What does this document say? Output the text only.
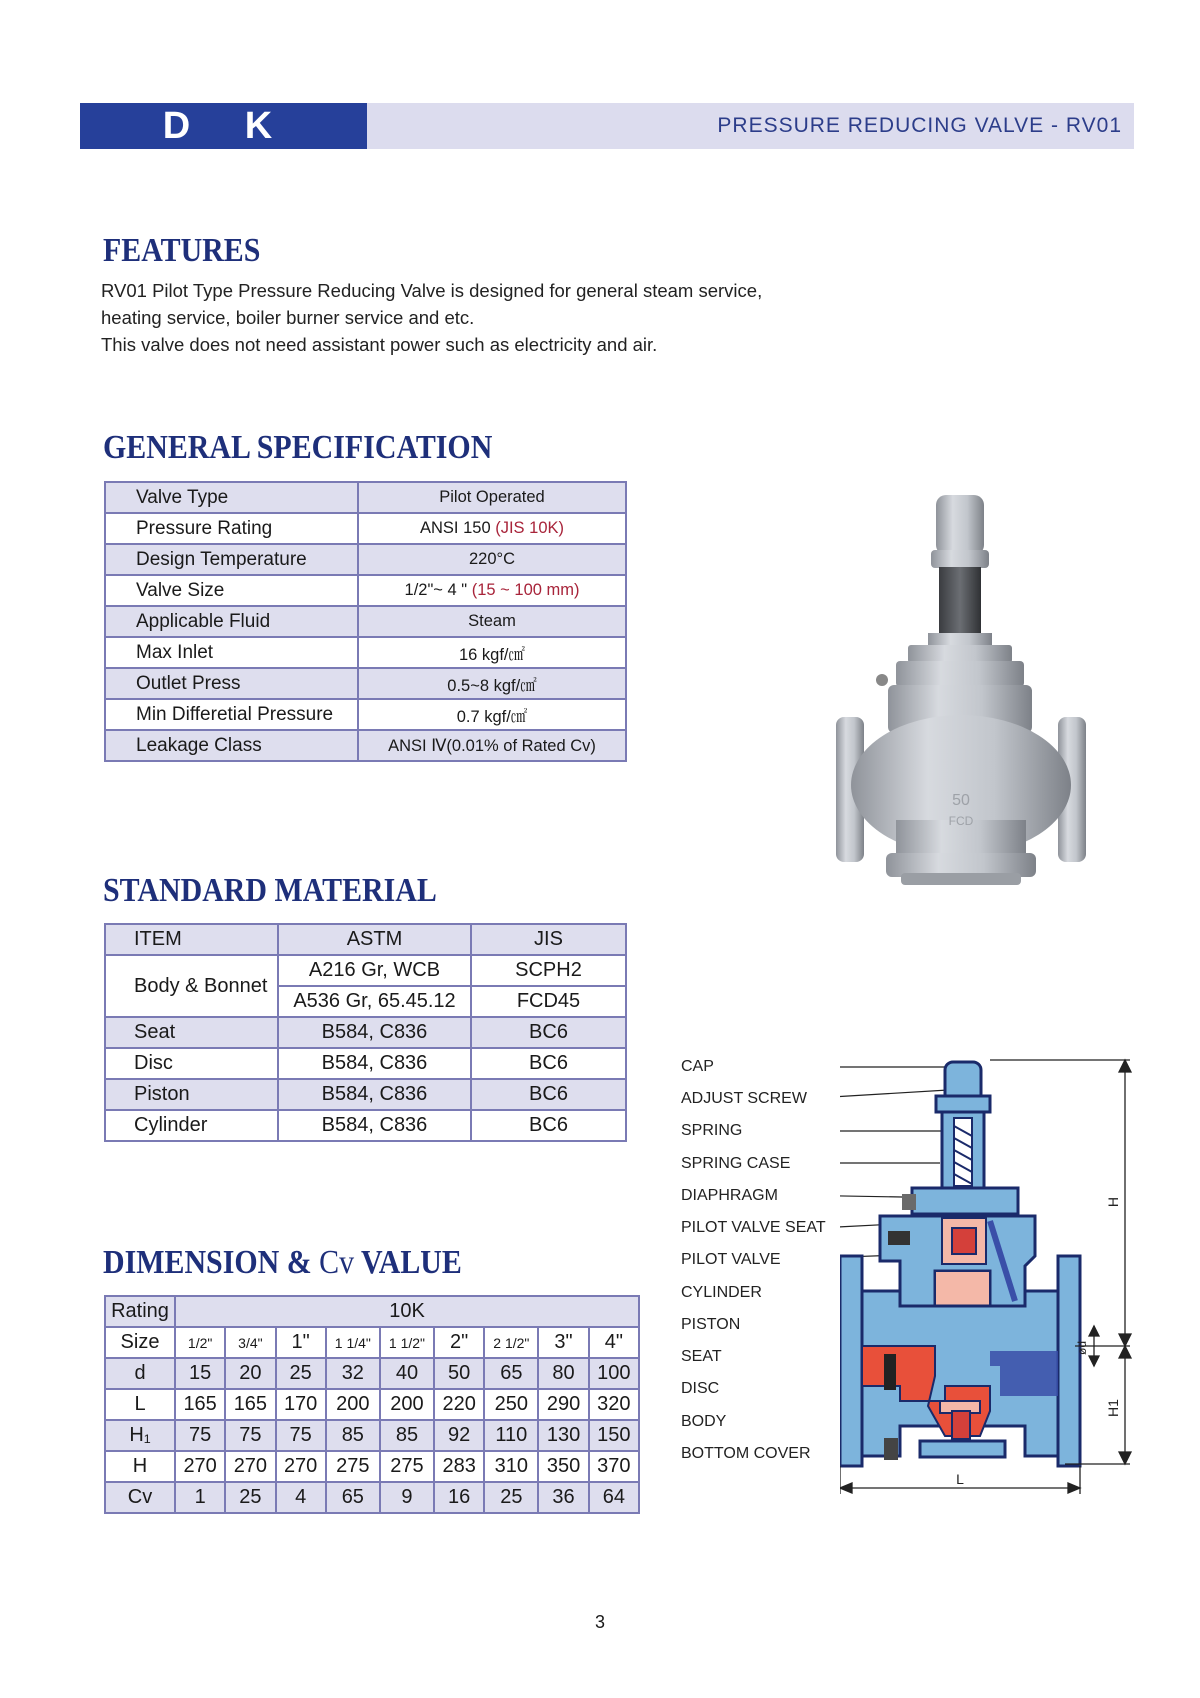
D K	PRESSURE REDUCING VALVE - RV01
FEATURES

RV01 Pilot Type Pressure Reducing Valve is designed for general steam service,

heating service, boiler burner service and etc.

This valve does not need assistant power such as electricity and air.

GENERAL SPECIFICATION
Valve Type	Pilot Operated
Pressure Rating	ANSI 150 (JIS 10K)
Design Temperature	220°C
Valve Size	1/2"~ 4 " (15 ~ 100 mm)
Applicable Fluid	Steam
Max Inlet	16 kgf/㎠
Outlet Press	0.5~8 kgf/㎠
Min Differetial Pressure	0.7 kgf/㎠
Leakage Class	ANSI Ⅳ(0.01% of Rated Cv)
STANDARD MATERIAL
ITEM	ASTM	JIS
Body & Bonnet	A216 Gr, WCB	SCPH2
	A536 Gr, 65.45.12	FCD45
Seat	B584, C836	BC6
Disc	B584, C836	BC6
Piston	B584, C836	BC6
Cylinder	B584, C836	BC6
DIMENSION & Cv VALUE
Rating	10K								
Size	1/2"	3/4"	1"	1 1/4"	1 1/2"	2"	2 1/2"	3"	4"
d	15	20	25	32	40	50	65	80	100
L	165	165	170	200	200	220	250	290	320
H₁	75	75	75	85	85	92	110	130	150
H	270	270	270	275	275	283	310	350	370
Cv	1	25	4	65	9	16	25	36	64
50
FCD
CAP
ADJUST SCREW
SPRING
SPRING CASE
DIAPHRAGM
PILOT VALVE SEAT
PILOT VALVE
CYLINDER
PISTON
SEAT
DISC
BODY
BOTTOM COVER
H
H1
ød
L
3
